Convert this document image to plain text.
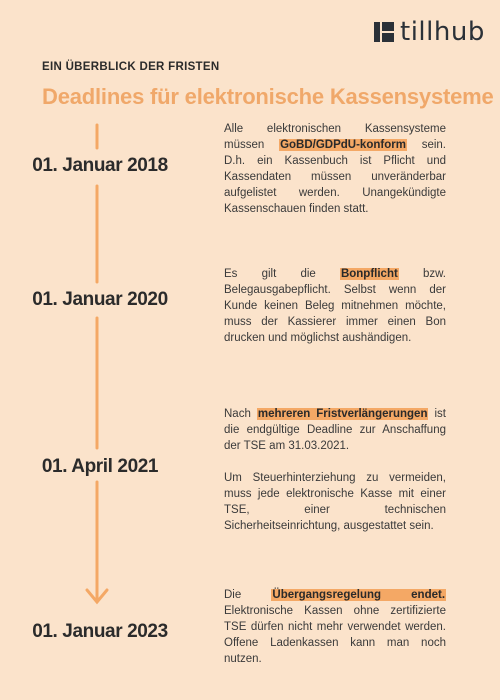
tillhub
EIN ÜBERBLICK DER FRISTEN
Deadlines für elektronische Kassensysteme
01. Januar 2018
Alle elektronischen Kassensysteme müssen GoBD/GDPdU-konform sein. D.h. ein Kassenbuch ist Pflicht und Kassendaten müssen unveränderbar aufgelistet werden. Unangekündigte Kassenschauen finden statt.
01. Januar 2020
Es gilt die Bonpflicht bzw. Belegausgabepflicht. Selbst wenn der Kunde keinen Beleg mitnehmen möchte, muss der Kassierer immer einen Bon drucken und möglichst aushändigen.
01. April 2021

Nach mehreren Fristverlängerungen ist die endgültige Deadline zur Anschaffung der TSE am 31.03.2021.

Um Steuerhinterziehung zu vermeiden, muss jede elektronische Kasse mit einer TSE, einer technischen Sicherheitseinrichtung, ausgestattet sein.

01. Januar 2023
Die Übergangsregelung endet. Elektronische Kassen ohne zertifizierte TSE dürfen nicht mehr verwendet werden. Offene Ladenkassen kann man noch nutzen.
